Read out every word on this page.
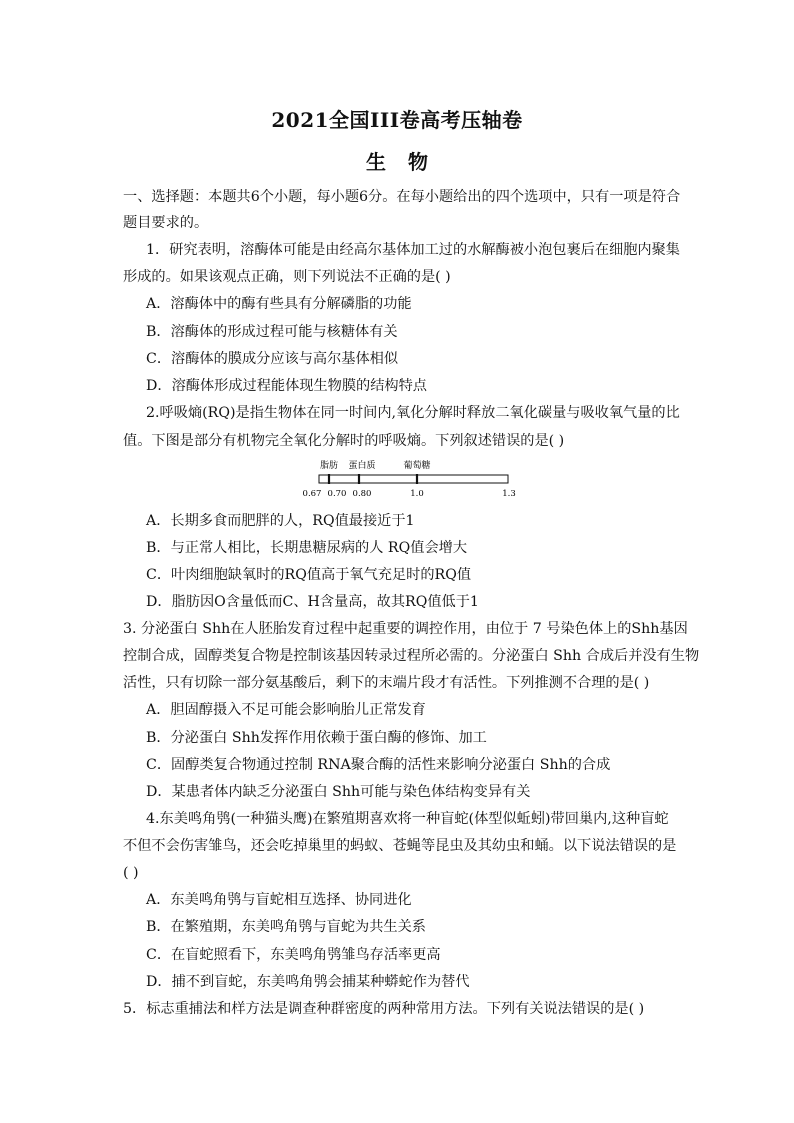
2021全国III卷高考压轴卷
生物
一、选择题：本题共6个小题，每小题6分。在每小题给出的四个选项中，只有一项是符合
题目要求的。
1．研究表明，溶酶体可能是由经高尔基体加工过的水解酶被小泡包裹后在细胞内聚集
形成的。如果该观点正确，则下列说法不正确的是( )
A．溶酶体中的酶有些具有分解磷脂的功能
B．溶酶体的形成过程可能与核糖体有关
C．溶酶体的膜成分应该与高尔基体相似
D．溶酶体形成过程能体现生物膜的结构特点
2.呼吸熵(RQ)是指生物体在同一时间内,氧化分解时释放二氧化碳量与吸收氧气量的比
值。下图是部分有机物完全氧化分解时的呼吸熵。下列叙述错误的是( )
脂肪 蛋白质	葡萄糖
0.67 0.70 0.80	1.0	1.3
A．长期多食而肥胖的人，RQ值最接近于1
B．与正常人相比，长期患糖尿病的人 RQ值会增大
C．叶肉细胞缺氧时的RQ值高于氧气充足时的RQ值
D．脂肪因O含量低而C、H含量高，故其RQ值低于1
3. 分泌蛋白 Shh在人胚胎发育过程中起重要的调控作用，由位于 7 号染色体上的Shh基因
控制合成，固醇类复合物是控制该基因转录过程所必需的。分泌蛋白 Shh 合成后并没有生物
活性，只有切除一部分氨基酸后，剩下的末端片段才有活性。下列推测不合理的是( )
A．胆固醇摄入不足可能会影响胎儿正常发育
B．分泌蛋白 Shh发挥作用依赖于蛋白酶的修饰、加工
C．固醇类复合物通过控制 RNA聚合酶的活性来影响分泌蛋白 Shh的合成
D．某患者体内缺乏分泌蛋白 Shh可能与染色体结构变异有关
4.东美鸣角鸮(一种猫头鹰)在繁殖期喜欢将一种盲蛇(体型似蚯蚓)带回巢内,这种盲蛇
不但不会伤害雏鸟，还会吃掉巢里的蚂蚁、苍蝇等昆虫及其幼虫和蛹。以下说法错误的是
( )
A．东美鸣角鸮与盲蛇相互选择、协同进化
B．在繁殖期，东美鸣角鸮与盲蛇为共生关系
C．在盲蛇照看下，东美鸣角鸮雏鸟存活率更高
D．捕不到盲蛇，东美鸣角鸮会捕某种蟒蛇作为替代
5．标志重捕法和样方法是调查种群密度的两种常用方法。下列有关说法错误的是( )
